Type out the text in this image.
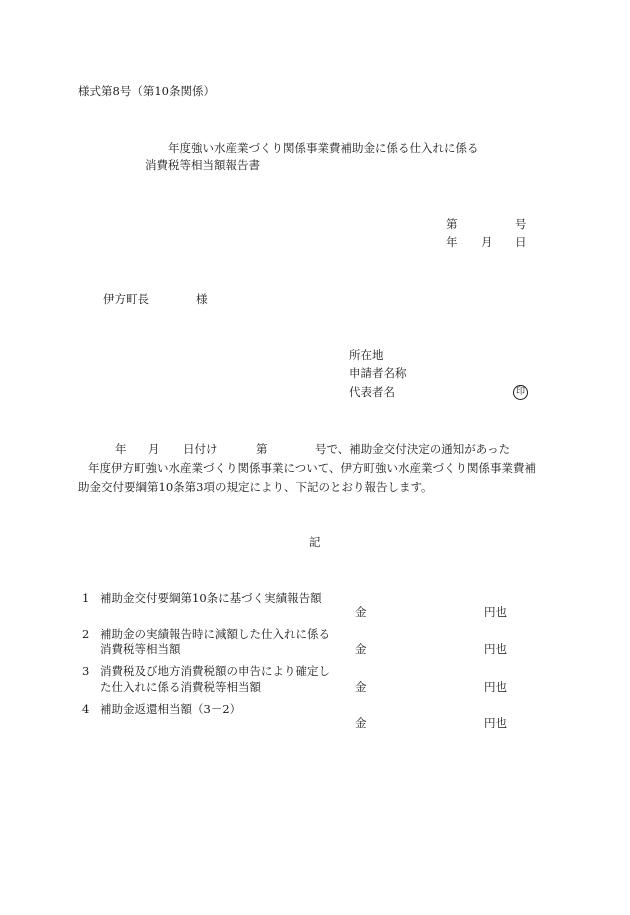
様式第8号（第10条関係）
年度強い水産業づくり関係事業費補助金に係る仕入れに係る
消費税等相当額報告書
第	号
年 月 日
伊方町長	様
所在地
申請者名称
代表者名	印
年 月 日付け	第	号で、補助金交付決定の通知があった
年度伊方町強い水産業づくり関係事業について、伊方町強い水産業づくり関係事業費補
助金交付要綱第10条第3項の規定により、下記のとおり報告します。
記
1 補助金交付要綱第10条に基づく実績報告額
金	円也
2 補助金の実績報告時に減額した仕入れに係る
消費税等相当額	金	円也
3 消費税及び地方消費税額の申告により確定し
た仕入れに係る消費税等相当額	金	円也
4 補助金返還相当額（3－2）
金	円也
